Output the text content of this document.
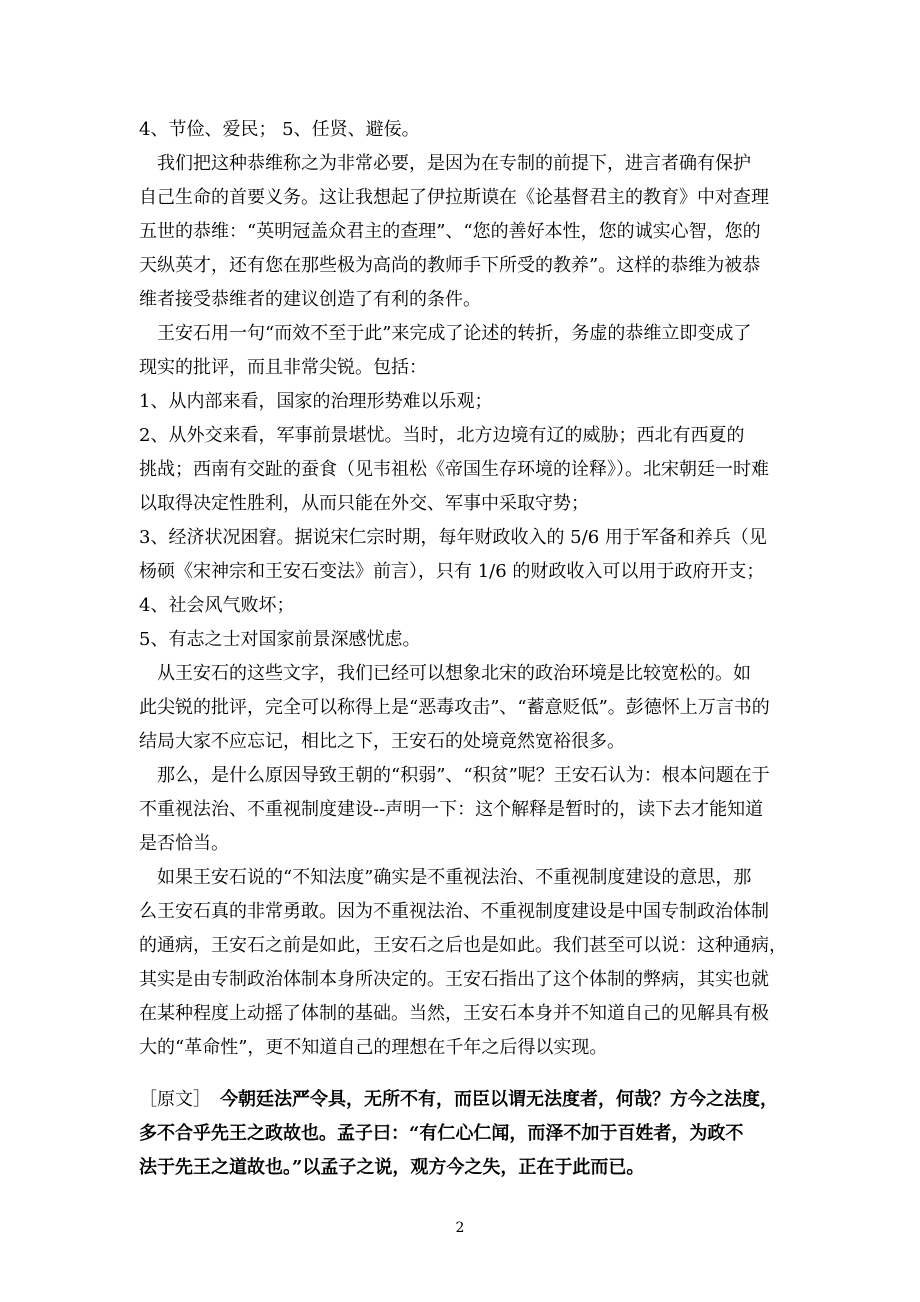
4、节俭、爱民； 5、任贤、避佞。
　我们把这种恭维称之为非常必要，是因为在专制的前提下，进言者确有保护
自己生命的首要义务。这让我想起了伊拉斯谟在《论基督君主的教育》中对查理
五世的恭维：“英明冠盖众君主的查理”、“您的善好本性，您的诚实心智，您的
天纵英才，还有您在那些极为高尚的教师手下所受的教养”。这样的恭维为被恭
维者接受恭维者的建议创造了有利的条件。
　王安石用一句“而效不至于此”来完成了论述的转折，务虚的恭维立即变成了
现实的批评，而且非常尖锐。包括：
1、从内部来看，国家的治理形势难以乐观；
2、从外交来看，军事前景堪忧。当时，北方边境有辽的威胁；西北有西夏的
挑战；西南有交趾的蚕食（见韦祖松《帝国生存环境的诠释》）。北宋朝廷一时难
以取得决定性胜利，从而只能在外交、军事中采取守势；
3、经济状况困窘。据说宋仁宗时期，每年财政收入的 5/6 用于军备和养兵（见
杨硕《宋神宗和王安石变法》前言），只有 1/6 的财政收入可以用于政府开支；
4、社会风气败坏；
5、有志之士对国家前景深感忧虑。
　从王安石的这些文字，我们已经可以想象北宋的政治环境是比较宽松的。如
此尖锐的批评，完全可以称得上是“恶毒攻击”、“蓄意贬低”。彭德怀上万言书的
结局大家不应忘记，相比之下，王安石的处境竟然宽裕很多。
　那么，是什么原因导致王朝的“积弱”、“积贫”呢？王安石认为：根本问题在于
不重视法治、不重视制度建设--声明一下：这个解释是暂时的，读下去才能知道
是否恰当。
　如果王安石说的“不知法度”确实是不重视法治、不重视制度建设的意思，那
么王安石真的非常勇敢。因为不重视法治、不重视制度建设是中国专制政治体制
的通病，王安石之前是如此，王安石之后也是如此。我们甚至可以说：这种通病，
其实是由专制政治体制本身所决定的。王安石指出了这个体制的弊病，其实也就
在某种程度上动摇了体制的基础。当然，王安石本身并不知道自己的见解具有极
大的“革命性”，更不知道自己的理想在千年之后得以实现。
［原文］　今朝廷法严令具，无所不有，而臣以谓无法度者，何哉？方今之法度，
多不合乎先王之政故也。孟子曰：“有仁心仁闻，而泽不加于百姓者，为政不
法于先王之道故也。”以孟子之说，观方今之失，正在于此而已。
2
